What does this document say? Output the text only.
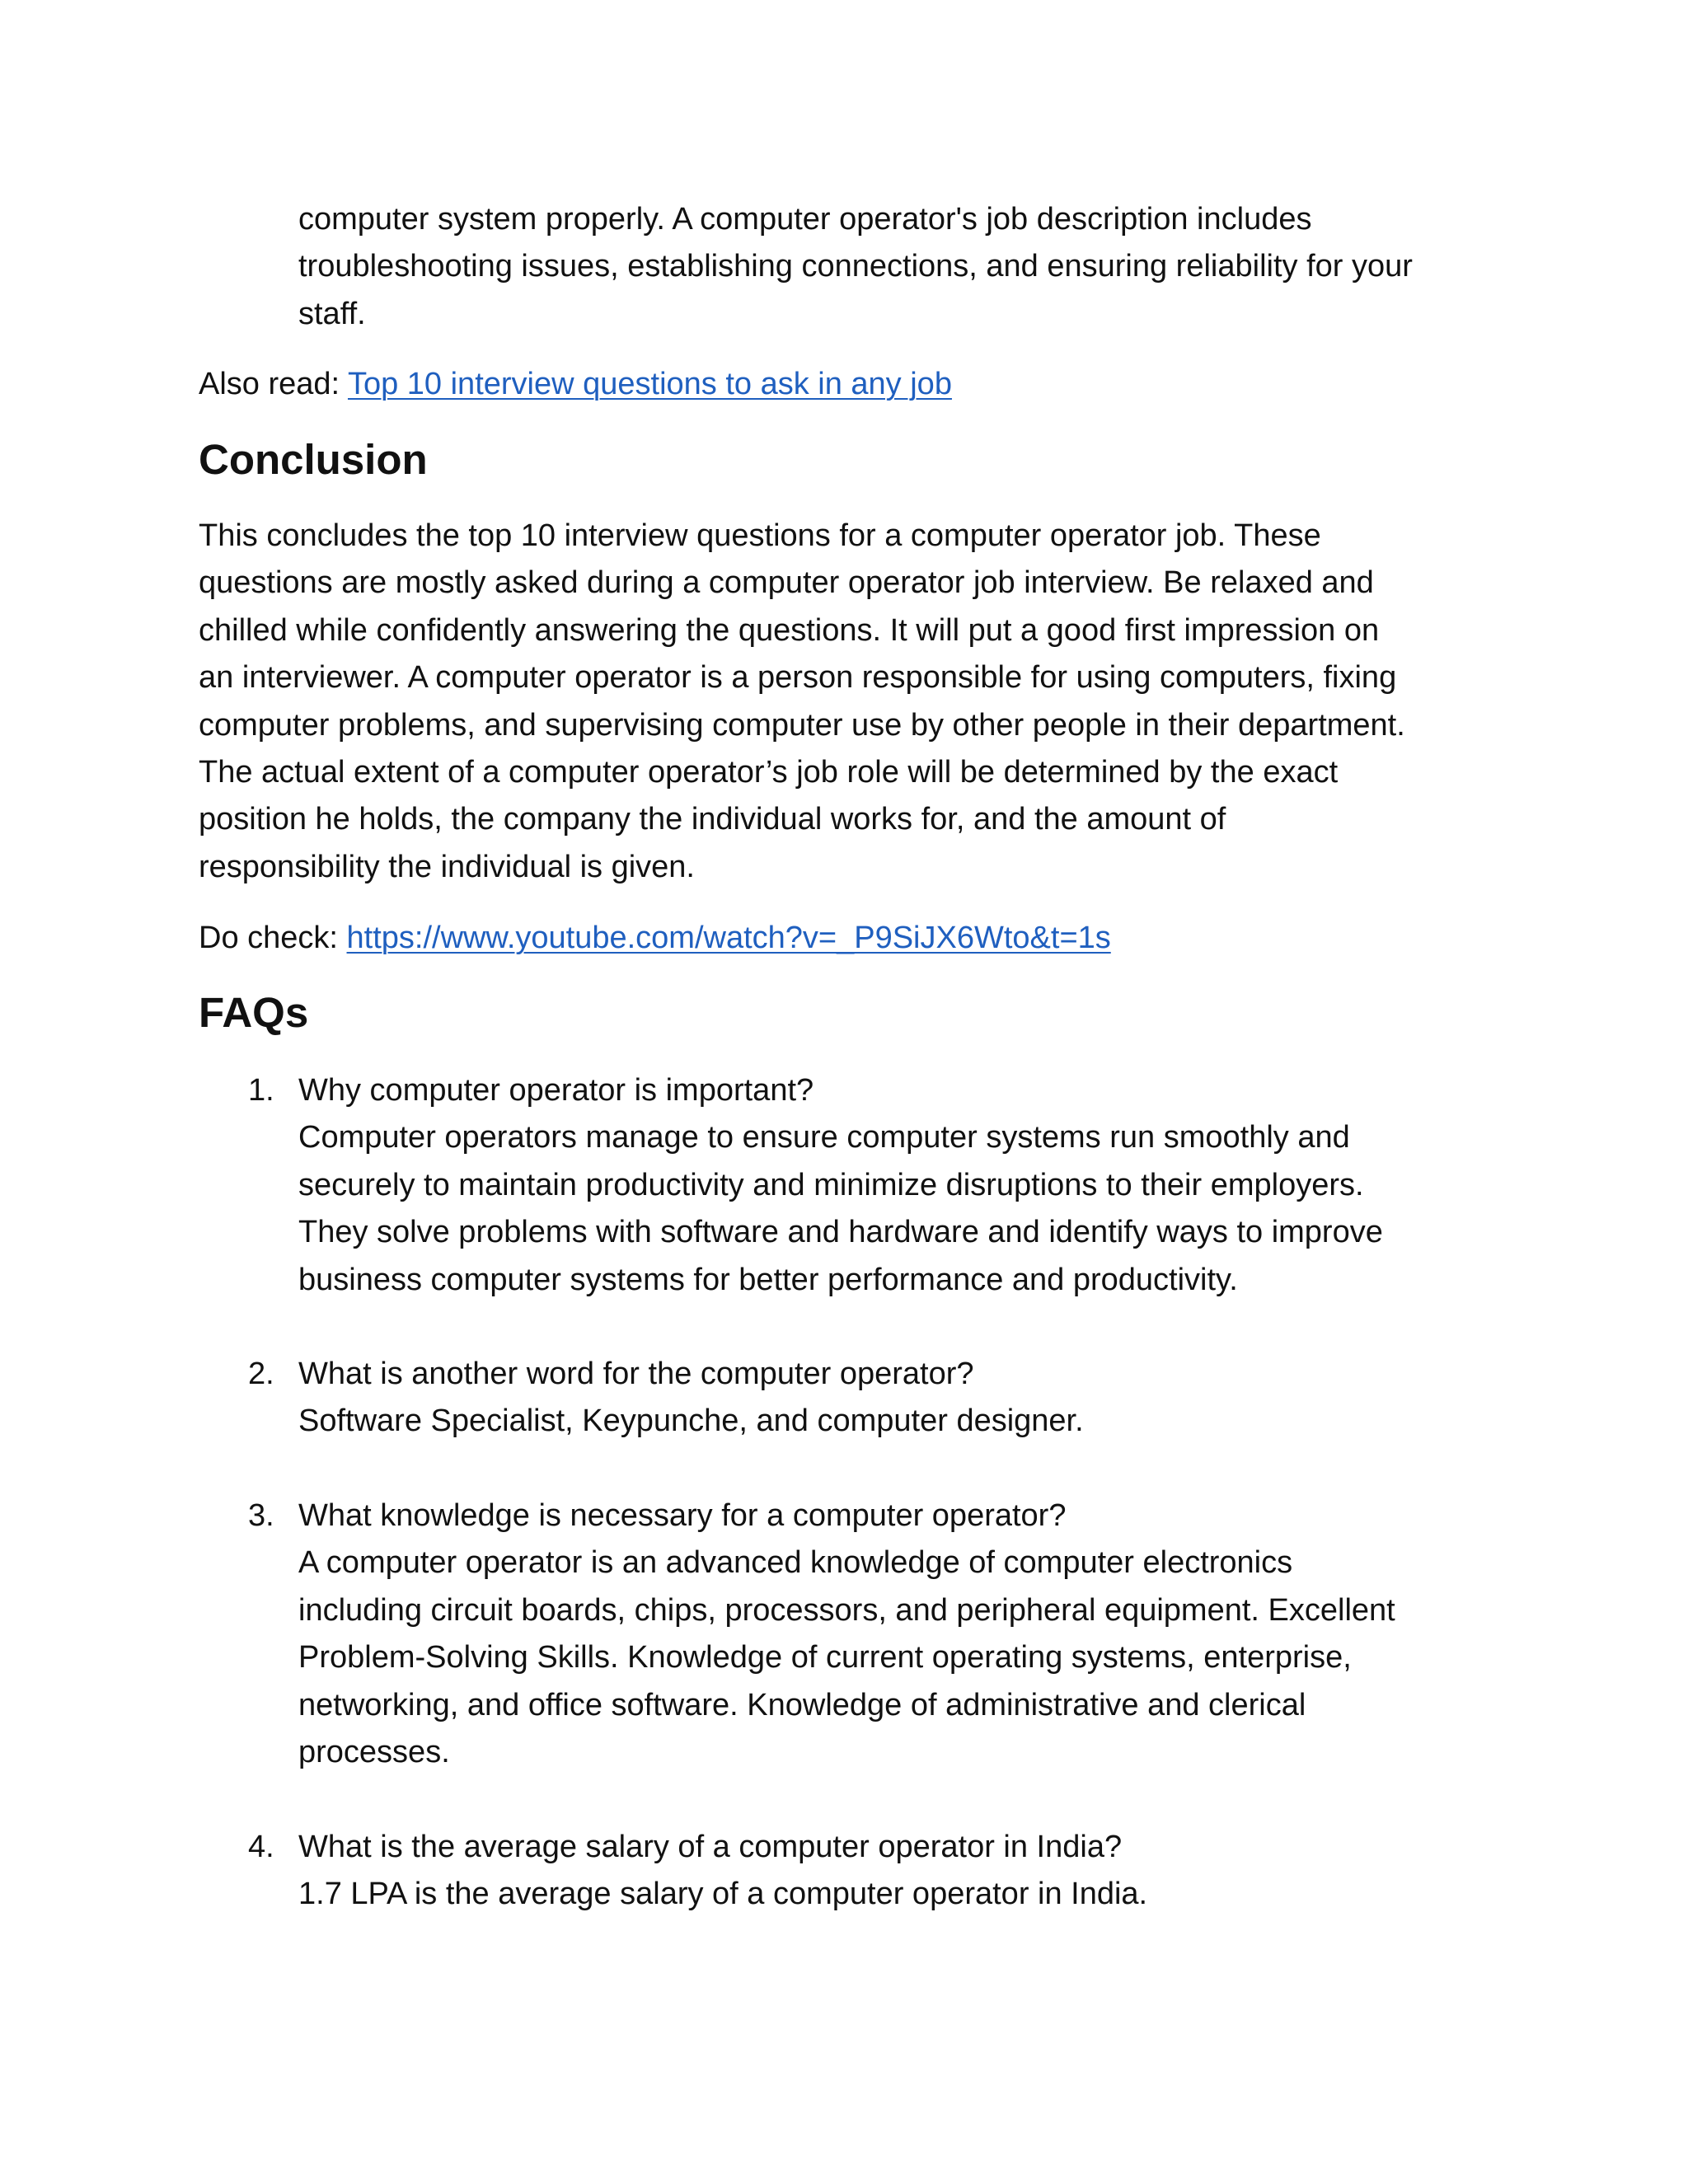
computer system properly. A computer operator's job description includes
troubleshooting issues, establishing connections, and ensuring reliability for your
staff.
Also read: Top 10 interview questions to ask in any job
Conclusion
This concludes the top 10 interview questions for a computer operator job. These
questions are mostly asked during a computer operator job interview. Be relaxed and
chilled while confidently answering the questions. It will put a good first impression on
an interviewer. A computer operator is a person responsible for using computers, fixing
computer problems, and supervising computer use by other people in their department.
The actual extent of a computer operator’s job role will be determined by the exact
position he holds, the company the individual works for, and the amount of
responsibility the individual is given.
Do check: https://www.youtube.com/watch?v=_P9SiJX6Wto&t=1s
FAQs
1. Why computer operator is important?
Computer operators manage to ensure computer systems run smoothly and
securely to maintain productivity and minimize disruptions to their employers.
They solve problems with software and hardware and identify ways to improve
business computer systems for better performance and productivity.
2. What is another word for the computer operator?
Software Specialist, Keypunche, and computer designer.
3. What knowledge is necessary for a computer operator?
A computer operator is an advanced knowledge of computer electronics
including circuit boards, chips, processors, and peripheral equipment. Excellent
Problem-Solving Skills. Knowledge of current operating systems, enterprise,
networking, and office software. Knowledge of administrative and clerical
processes.
4. What is the average salary of a computer operator in India?
1.7 LPA is the average salary of a computer operator in India.
